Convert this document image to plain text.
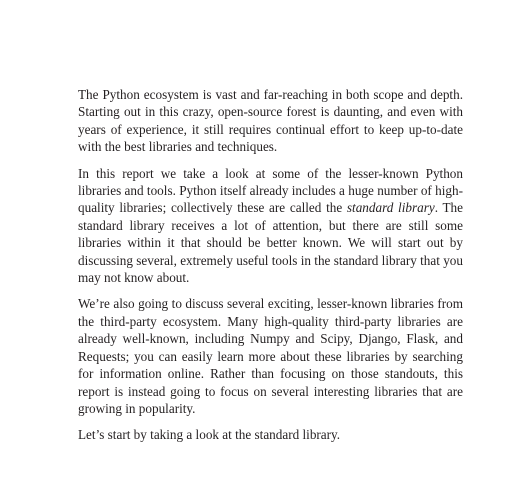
The Python ecosystem is vast and far-reaching in both scope and depth. Starting out in this crazy, open-source forest is daunting, and even with years of experience, it still requires continual effort to keep up-to-date with the best libraries and techniques.

In this report we take a look at some of the lesser-known Python libraries and tools. Python itself already includes a huge number of high-quality libraries; collectively these are called the standard library. The standard library receives a lot of attention, but there are still some libraries within it that should be better known. We will start out by discussing several, extremely useful tools in the standard library that you may not know about.

We’re also going to discuss several exciting, lesser-known libraries from the third-party ecosystem. Many high-quality third-party libraries are already well-known, including Numpy and Scipy, Django, Flask, and Requests; you can easily learn more about these libraries by searching for information online. Rather than focusing on those standouts, this report is instead going to focus on several interesting libraries that are growing in popularity.

Let’s start by taking a look at the standard library.
